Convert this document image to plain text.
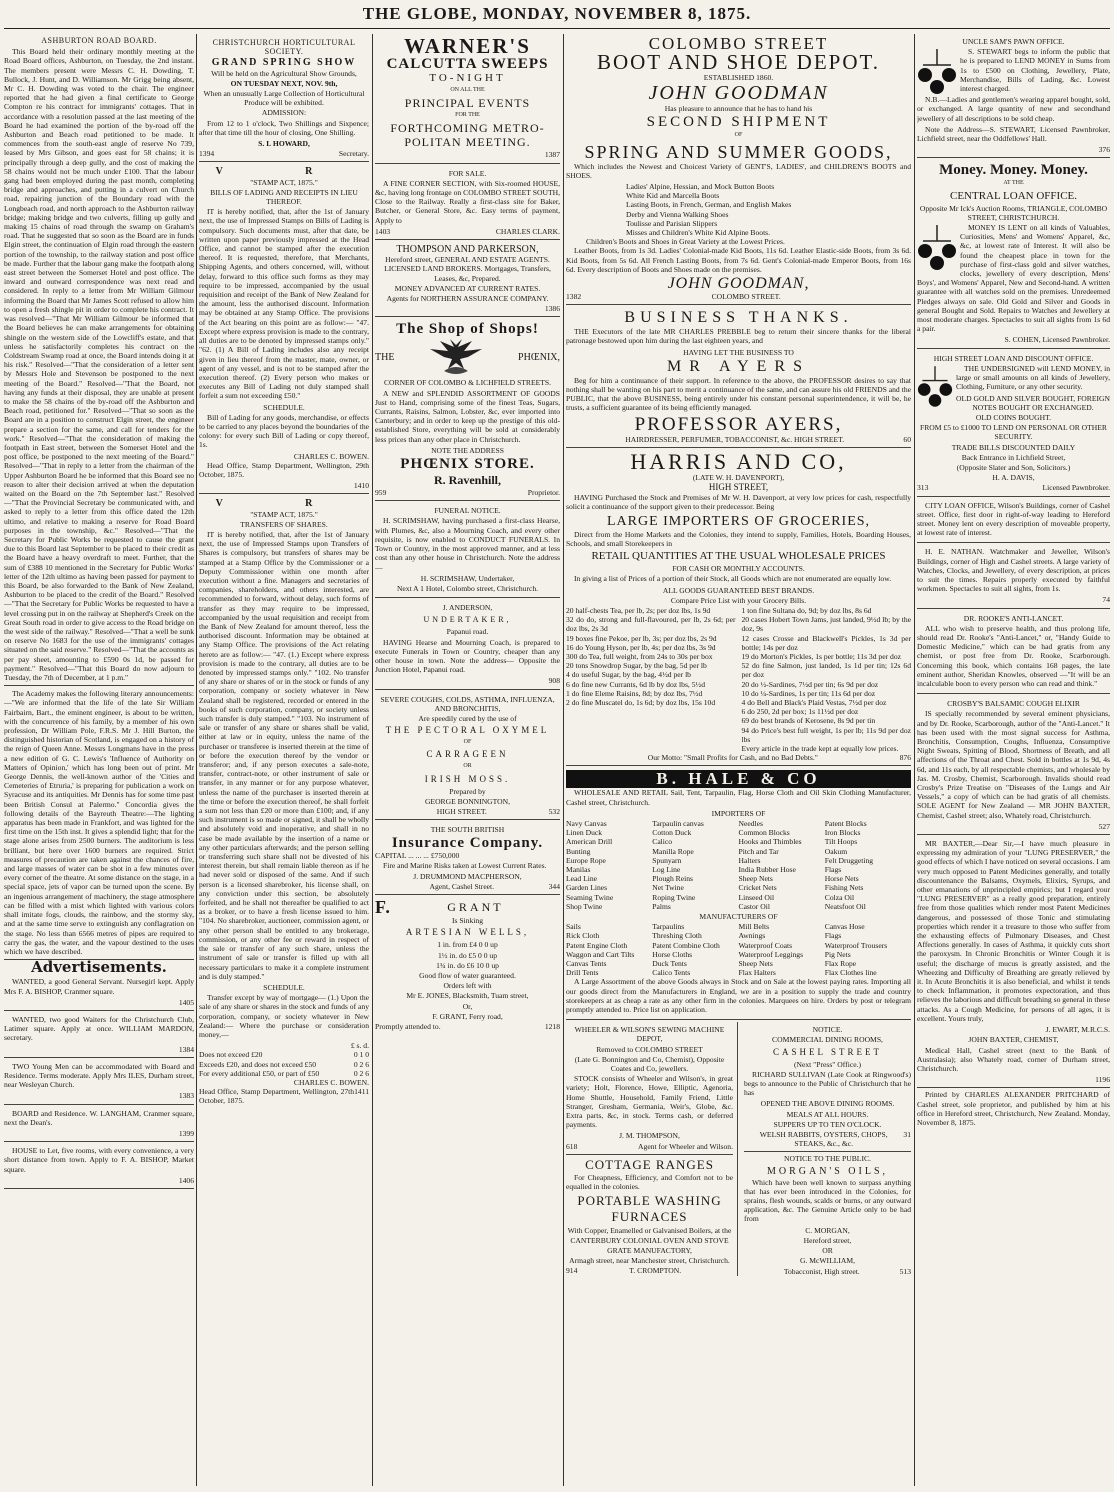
THE GLOBE, MONDAY, NOVEMBER 8, 1875.
ASHBURTON ROAD BOARD.

This Board held their ordinary monthly meeting at the Road Board offices, Ashburton, on Tuesday, the 2nd instant. The members present were Messrs C. H. Dowding, T. Bullock, J. Hunt, and D. Williamson. Mr Grigg being absent, Mr C. H. Dowding was voted to the chair. The engineer reported that he had given a final certificate to George Compton re his contract for immigrants' cottages. That in accordance with a resolution passed at the last meeting of the Board he had examined the portion of the by-road off the Ashburton and Beach road petitioned to be made. It commences from the south-east angle of reserve No 739, leased by Mrs Gibson, and goes east for 58 chains; it is principally through a deep gully, and the cost of making the 58 chains would not be much under £100. That the labour gang had been employed during the past month, completing bridge and approaches, and putting in a culvert on Church road, repairing junction of the Boundary road with the Longbeach road, and north approach to the Ashburton railway bridge; making bridge and two culverts, filling up gully and making 15 chains of road through the swamp on Graham's road. That he suggested that so soon as the Board are in funds Elgin street, the continuation of Elgin road through the eastern portion of the township, to the railway station and post office be made. Further that the labour gang make the footpath along east street between the Somerset Hotel and post office. The inward and outward correspondence was next read and considered. In reply to a letter from Mr William Gilmour informing the Board that Mr James Scott refused to allow him to open a fresh shingle pit in order to complete his contract. It was resolved—"That Mr William Gilmour be informed that the Board believes he can make arrangements for obtaining shingle on the western side of the Lowcliff's estate, and that unless he satisfactorily completes his contract on the Coldstream Swamp road at once, the Board intends doing it at his risk." Resolved—"That the consideration of a letter sent by Messrs Hole and Stevenson be postponed to the next meeting of the Board." Resolved—"That the Board, not having any funds at their disposal, they are unable at present to make the 58 chains of the by-road off the Ashburton and Beach road, petitioned for." Resolved—"That so soon as the Board are in a position to construct Elgin street, the engineer prepare a section for the same, and call for tenders for the work." Resolved—"That the consideration of making the footpath in East street, between the Somerset Hotel and the post office, be postponed to the next meeting of the Board." Resolved—"That in reply to a letter from the chairman of the Upper Ashburton Board he be informed that this Board see no reason to alter their decision arrived at when the deputation waited on the Board on the 7th September last." Resolved—"That the Provincial Secretary be communicated with, and asked to reply to a letter from this office dated the 12th ultimo, and relative to making a reserve for Road Board purposes in the township, &c." Resolved—"That the Secretary for Public Works be requested to cause the grant due to this Board last September to be placed to their credit as the Board have a heavy overdraft to meet. Further, that the sum of £388 10 mentioned in the Secretary for Public Works' letter of the 12th ultimo as having been passed for payment to this Board, be also forwarded to the Bank of New Zealand, Ashburton to be placed to the credit of the Board." Resolved—"That the Secretary for Public Works be requested to have a level crossing put in on the railway at Shepherd's Creek on the Great South road in order to give access to the Road bridge on the west side of the railway." Resolved—"That a well be sunk on reserve No 1683 for the use of the immigrants' cottages situated on the said reserve." Resolved—"That the accounts as per pay sheet, amounting to £590 0s 1d, be passed for payment." Resolved—"That this Board do now adjourn to Tuesday, the 7th of December, at 1 p.m."

The Academy makes the following literary announcements:—"We are informed that the life of the late Sir William Fairbairn, Bart., the eminent engineer, is about to be written, with the concurrence of his family, by a member of his own profession, Dr William Pole, F.R.S. Mr J. Hill Burton, the distinguished historian of Scotland, is engaged on a history of the reign of Queen Anne. Messrs Longmans have in the press a new edition of G. C. Lewis's 'Influence of Authority on Matters of Opinion,' which has long been out of print. Mr George Dennis, the well-known author of the 'Cities and Cemeteries of Etruria,' is preparing for publication a work on Syracuse and its antiquities. Mr Dennis has for some time past been British Consul at Palermo." Concordia gives the following details of the Bayreuth Theatre:—The lighting apparatus has been made in Frankfort, and was lighted for the first time on the 15th inst. It gives a splendid light; that for the stage alone arises from 2500 burners. The auditorium is less brilliant, but here over 1600 burners are required. Strict measures of precaution are taken against the chances of fire, and large masses of water can be shot in a few minutes over every corner of the theatre. At some distance on the stage, in a special space, jets of vapor can be turned upon the scene. By an ingenious arrangement of machinery, the stage atmosphere can be filled with a mist which lighted with various colors shall imitate fogs, clouds, the rainbow, and the stormy sky, and at the same time serve to extinguish any conflagration on the stage. No less than 6566 metres of pipes are required to carry the gas, the water, and the vapour destined to the uses which we have described.

Advertisements.

WANTED, a good General Servant. Nursegirl kept. Apply Mrs F. A. BISHOP, Cranmer square.

1405

WANTED, two good Waiters for the Christchurch Club, Latimer square. Apply at once. WILLIAM MARDON, secretary.

1384

TWO Young Men can be accommodated with Board and Residence. Terms moderate. Apply Mrs ILES, Durham street, near Wesleyan Church.

1383

BOARD and Residence. W. LANGHAM, Cranmer square, next the Dean's.

1399

HOUSE to Let, five rooms, with every convenience, a very short distance from town. Apply to F. A. BISHOP, Market square.

1406
CHRISTCHURCH HORTICULTURAL SOCIETY.
GRAND SPRING SHOW
Will be held on the Agricultural Show Grounds,
ON TUESDAY NEXT, NOV. 9th,
When an unusually Large Collection of Horticultural Produce will be exhibited.
ADMISSION:

From 12 to 1 o'clock, Two Shillings and Sixpence; after that time till the hour of closing, One Shilling.

S. I. HOWARD,
1394	Secretary.
V R
"STAMP ACT, 1875."
BILLS OF LADING AND RECEIPTS IN LIEU THEREOF.

IT is hereby notified, that, after the 1st of January next, the use of Impressed Stamps on Bills of Lading is compulsory. Such documents must, after that date, be written upon paper previously impressed at the Head Office, and cannot be stamped after the execution thereof. It is requested, therefore, that Merchants, Shipping Agents, and others concerned, will, without delay, forward to this office such forms as they may require to be impressed, accompanied by the usual requisition and receipt of the Bank of New Zealand for the amount, less the authorised discount. Information may be obtained at any Stamp Office. The provisions of the Act bearing on this point are as follow:— "47. Except where express provision is made to the contrary, all duties are to be denoted by impressed stamps only." "62. (1) A Bill of Lading includes also any receipt given in lieu thereof from the master, mate, owner, or agent of any vessel, and is not to be stamped after the execution thereof. (2) Every person who makes or executes any Bill of Lading not duly stamped shall forfeit a sum not exceeding £50."

SCHEDULE.

Bill of Lading for any goods, merchandise, or effects to be carried to any places beyond the boundaries of the colony: for every such Bill of Lading or copy thereof, 1s.

CHARLES C. BOWEN.

Head Office, Stamp Department, Wellington, 29th October, 1875.

1410
V R
"STAMP ACT, 1875."
TRANSFERS OF SHARES.

IT is hereby notified, that, after the 1st of January next, the use of Impressed Stamps upon Transfers of Shares is compulsory, but transfers of shares may be stamped at a Stamp Office by the Commissioner or a Deputy Commissioner within one month after execution without a fine. Managers and secretaries of companies, shareholders, and others interested, are recommended to forward, without delay, such forms of transfer as they may require to be impressed, accompanied by the usual requisition and receipt from the Bank of New Zealand for amount thereof, less the authorised discount. Information may be obtained at any Stamp Office. The provisions of the Act relating hereto are as follow:— "47. (1.) Except where express provision is made to the contrary, all duties are to be denoted by impressed stamps only." "102. No transfer of any share or shares of or in the stock or funds of any corporation, company or society whatever in New Zealand shall be registered, recorded or entered in the books of such corporation, company, or society unless such transfer is duly stamped." "103. No instrument of sale or transfer of any share or shares shall be valid, either at law or in equity, unless the name of the purchaser or transferee is inserted therein at the time of or before the execution thereof by the vendor or transferor; and, if any person executes a sale-note, transfer, contract-note, or other instrument of sale or transfer, in any manner or for any purpose whatever, unless the name of the purchaser is inserted therein at the time or before the execution thereof, he shall forfeit a sum not less than £20 or more than £100; and, if any such instrument is so made or signed, it shall be wholly and absolutely void and inoperative, and shall in no case be made available by the insertion of a name or any other particulars afterwards; and the person selling or transferring such share shall not be divested of his interest therein, but shall remain liable thereon as if he had never sold or disposed of the same. And if such person is a licensed sharebroker, his license shall, on any conviction under this section, be absolutely forfeited, and he shall not thereafter be qualified to act as a broker, or to have a fresh license issued to him. "104. No sharebroker, auctioneer, commission agent, or any other person shall be entitled to any brokerage, commission, or any other fee or reward in respect of the sale or transfer of any such share, unless the instrument of sale or transfer is filled up with all necessary particulars to make it a complete instrument and is duly stamped."

SCHEDULE.

Transfer except by way of mortgage— (1.) Upon the sale of any share or shares in the stock and funds of any corporation, company, or society whatever in New Zealand:— Where the purchase or consideration money,—

£ s. d.
Does not exceed £20	0 1 0
Exceeds £20, and does not exceed £50	0 2 6
For every additional £50, or part of £50	0 2 6
CHARLES C. BOWEN.
Head Office, Stamp Department, Wellington, 27th October, 1875.
1411
WARNER'S
CALCUTTA SWEEPS
TO-NIGHT
ON ALL THE
PRINCIPAL EVENTS
FOR THE
FORTHCOMING METRO-POLITAN MEETING.
1387
FOR SALE.

A FINE CORNER SECTION, with Six-roomed HOUSE, &c, having long frontage on COLOMBO STREET SOUTH, Close to the Railway. Really a first-class site for Baker, Butcher, or General Store, &c. Easy terms of payment, Apply to

1403	CHARLES CLARK.
THOMPSON AND PARKERSON,
Hereford street, GENERAL AND ESTATE AGENTS. LICENSED LAND BROKERS. Mortgages, Transfers, Leases, &c, Prepared.
MONEY ADVANCED AT CURRENT RATES.
Agents for NORTHERN ASSURANCE COMPANY.
1386
The Shop of Shops!
THE	PHŒNIX,
CORNER OF COLOMBO & LICHFIELD STREETS.

A NEW and SPLENDID ASSORTMENT OF GOODS Just to Hand, comprising some of the finest Teas, Sugars, Currants, Raisins, Salmon, Lobster, &c, ever imported into Canterbury; and in order to keep up the prestige of this old-established Store, everything will be sold at considerably less prices than any other place in Christchurch.

NOTE THE ADDRESS
PHŒNIX STORE.
R. Ravenhill,
959	Proprietor.
FUNERAL NOTICE.

H. SCRIMSHAW, having purchased a first-class Hearse, with Plumes, &c, also a Mourning Coach, and every other requisite, is now enabled to CONDUCT FUNERALS. In Town or Country, in the most approved manner, and at less cost than any other house in Christchurch. Note the address—

H. SCRIMSHAW, Undertaker,
Next A 1 Hotel, Colombo street, Christchurch.
J. ANDERSON,
UNDERTAKER,
Papanui road.

HAVING Hearse and Mourning Coach, is prepared to execute Funerals in Town or Country, cheaper than any other house in town. Note the address— Opposite the Junction Hotel, Papanui road.

908
SEVERE COUGHS, COLDS, ASTHMA, INFLUENZA, AND BRONCHITIS,
Are speedily cured by the use of
THE PECTORAL OXYMEL
OF
CARRAGEEN
OR
IRISH MOSS.
Prepared by
GEORGE BONNINGTON,
HIGH STREET.	532
THE SOUTH BRITISH
Insurance Company.
CAPITAL ... ... ... £750,000

Fire and Marine Risks taken at Lowest Current Rates.

J. DRUMMOND MACPHERSON,
Agent, Cashel Street.	344
F.	GRANT
Is Sinking
ARTESIAN WELLS,
1 in. from £4 0 0 up
1½ in. do £5 0 0 up
1¾ in. do £6 10 0 up
Good flow of water guaranteed.
Orders left with
Mr E. JONES, Blacksmith, Tuam street,
Or,
F. GRANT, Ferry road,
Promptly attended to.	1218
COLOMBO STREET
BOOT AND SHOE DEPOT.
ESTABLISHED 1860.
JOHN GOODMAN
Has pleasure to announce that he has to hand his
SECOND SHIPMENT
OF
SPRING AND SUMMER GOODS,

Which includes the Newest and Choicest Variety of GENT'S, LADIES', and CHILDREN'S BOOTS and SHOES.

Ladies' Alpine, Hessian, and Mock Button Boots
White Kid and Marcella Boots
Lasting Boots, in French, German, and English Makes
Derby and Vienna Walking Shoes
Toulisse and Parisian Slippers
Misses and Children's White Kid Alpine Boots.
Children's Boots and Shoes in Great Variety at the Lowest Prices.

Leather Boots, from 1s 3d. Ladies' Colonial-made Kid Boots, 11s 6d. Leather Elastic-side Boots, from 3s 6d. Kid Boots, from 5s 6d. All French Lasting Boots, from 7s 6d. Gent's Colonial-made Emperor Boots, from 16s 6d. Every description of Boots and Shoes made on the premises.

JOHN GOODMAN,
1382	COLOMBO STREET.
BUSINESS THANKS.

THE Executors of the late MR CHARLES PREBBLE beg to return their sincere thanks for the liberal patronage bestowed upon him during the last eighteen years, and

HAVING LET THE BUSINESS TO
MR AYERS

Beg for him a continuance of their support. In reference to the above, the PROFESSOR desires to say that nothing shall be wanting on his part to merit a continuance of the same, and can assure his old FRIENDS and the PUBLIC, that the above BUSINESS, being entirely under his constant personal superintendence, it will be, he trusts, a sufficient guarantee of its being efficiently managed.

PROFESSOR AYERS,
HAIRDRESSER, PERFUMER, TOBACCONIST, &c. HIGH STREET.	60
HARRIS AND CO,
(LATE W. H. DAVENPORT),
HIGH STREET,

HAVING Purchased the Stock and Premises of Mr W. H. Davenport, at very low prices for cash, respectfully solicit a continuance of the support given to their predecessor. Being

LARGE IMPORTERS OF GROCERIES,

Direct from the Home Markets and the Colonies, they intend to supply, Families, Hotels, Boarding Houses, Schools, and small Storekeepers in

RETAIL QUANTITIES AT THE USUAL WHOLESALE PRICES
FOR CASH OR MONTHLY ACCOUNTS.

In giving a list of Prices of a portion of their Stock, all Goods which are not enumerated are equally low.

ALL GOODS GUARANTEED BEST BRANDS.
Compare Price List with your Grocery Bills.
20 half-chests Tea, per lb, 2s; per doz lbs, 1s 9d
32 do do, strong and full-flavoured, per lb, 2s 6d; per doz lbs, 2s 3d
19 boxes fine Pekoe, per lb, 3s; per doz lbs, 2s 9d
16 do Young Hyson, per lb, 4s; per doz lbs, 3s 9d
300 do Tea, full weight, from 24s to 30s per box
20 tons Snowdrop Sugar, by the bag, 5d per lb
4 do useful Sugar, by the bag, 4½d per lb
6 do fine new Currants, 6d lb by doz lbs, 5½d
1 do fine Eleme Raisins, 8d; by doz lbs, 7½d
2 do fine Muscatel do, 1s 6d; by doz lbs, 15s 10d
1 ton fine Sultana do, 9d; by doz lbs, 8s 6d
20 cases Hobert Town Jams, just landed, 9½d lb; by the doz, 9s
12 cases Crosse and Blackwell's Pickles, 1s 3d per bottle; 14s per doz
19 do Morton's Pickles, 1s per bottle; 11s 3d per doz
52 do fine Salmon, just landed, 1s 1d per tin; 12s 6d per doz
20 do ½-Sardines, 7½d per tin; 6s 9d per doz
10 do ¼-Sardines, 1s per tin; 11s 6d per doz
4 do Bell and Black's Plaid Vestas, 7½d per doz
6 do 250, 2d per box; 1s 11½d per doz
69 do best brands of Kerosene, 8s 9d per tin
94 do Price's best full weight, 1s per lb; 11s 9d per doz lbs
Every article in the trade kept at equally low prices.
Our Motto: "Small Profits for Cash, and no Bad Debts."	876
B. HALE & CO

WHOLESALE AND RETAIL Sail, Tent, Tarpaulin, Flag, Horse Cloth and Oil Skin Clothing Manufacturer, Cashel street, Christchurch.

IMPORTERS OF
Navy Canvas
Linen Duck
American Drill
Bunting
Europe Rope
Manilas
Lead Line
Garden Lines
Seaming Twine
Shop Twine
Tarpaulin canvas
Cotton Duck
Calico
Manilla Rope
Spunyarn
Log Line
Plough Reins
Net Twine
Roping Twine
Palms
Needles
Common Blocks
Hooks and Thimbles
Pitch and Tar
Halters
India Rubber Hose
Sheep Nets
Cricket Nets
Linseed Oil
Castor Oil
Patent Blocks
Iron Blocks
Tilt Hoops
Oakum
Felt Druggeting
Flags
Horse Nets
Fishing Nets
Colza Oil
Neatsfoot Oil
MANUFACTURERS OF
Sails
Rick Cloth
Patent Engine Cloth
Waggon and Cart Tilts
Canvas Tents
Drill Tents
Tarpaulins
Threshing Cloth
Patent Combine Cloth
Horse Cloths
Duck Tents
Calico Tents
Mill Belts
Awnings
Waterproof Coats
Waterproof Leggings
Sheep Nets
Flax Halters
Canvas Hose
Flags
Waterproof Trousers
Pig Nets
Flax Rope
Flax Clothes line

A Large Assortment of the above Goods always in Stock and on Sale at the lowest paying rates. Importing all our goods direct from the Manufacturers in England, we are in a position to supply the trade and country storekeepers at as cheap a rate as any other firm in the colonies. Marquees on hire. Orders by post or telegram promptly attended to. Price list on application.

WHEELER & WILSON'S SEWING MACHINE DEPOT,
Removed to COLOMBO STREET
(Late G. Bonnington and Co, Chemist), Opposite Coates and Co, jewellers.

STOCK consists of Wheeler and Wilson's, in great variety; Holt, Florence, Howe, Elliptic, Agenoria, Home Shuttle, Household, Family Friend, Little Stranger, Gresham, Germania, Weir's, Globe, &c. Extra parts, &c, in stock. Terms cash, or deferred payments.

J. M. THOMPSON,
618	Agent for Wheeler and Wilson.
COTTAGE RANGES

For Cheapness, Efficiency, and Comfort not to be equalled in the colonies.

PORTABLE WASHING FURNACES
With Copper, Enamelled or Galvanised Boilers, at the
CANTERBURY COLONIAL OVEN AND STOVE GRATE MANUFACTORY,
Armagh street, near Manchester street, Christchurch.
914	T. CROMPTON.
NOTICE.
COMMERCIAL DINING ROOMS,
CASHEL STREET
(Next "Press" Office.)

RICHARD SULLIVAN (Late Cook at Ringwood's) begs to announce to the Public of Christchurch that he has

OPENED THE ABOVE DINING ROOMS.
MEALS AT ALL HOURS.
SUPPERS UP TO TEN O'CLOCK.
WELSH RABBITS, OYSTERS, CHOPS, STEAKS, &c., &c.
31
NOTICE TO THE PUBLIC.
MORGAN'S OILS,

Which have been well known to surpass anything that has ever been introduced in the Colonies, for sprains, flesh wounds, scalds or burns, or any outward application, &c. The Genuine Article only to be had from

C. MORGAN,
Hereford street,
OR
G. McWILLIAM,
Tobacconist, High street.	513
UNCLE SAM'S PAWN OFFICE.

S. STEWART begs to inform the public that he is prepared to LEND MONEY in Sums from 1s to £500 on Clothing, Jewellery, Plate, Merchandise, Bills of Lading, &c. Lowest interest charged.

N.B.—Ladies and gentlemen's wearing apparel bought, sold, or exchanged. A large quantity of new and secondhand jewellery of all descriptions to be sold cheap.

Note the Address—S. STEWART, Licensed Pawnbroker, Lichfield street, near the Oddfellows' Hall.

376
Money. Money. Money.
AT THE
CENTRAL LOAN OFFICE.
Opposite Mr Ick's Auction Rooms, TRIANGLE, COLOMBO STREET, CHRISTCHURCH.

MONEY IS LENT on all kinds of Valuables, Curiosities, Mens' and Womens' Apparel, &c, &c, at lowest rate of Interest. It will also be found the cheapest place in town for the purchase of first-class gold and silver watches, clocks, jewellery of every description, Mens' Boys', and Womens' Apparel, New and Second-hand. A written guarantee with all watches sold on the premises. Unredeemed Pledges always on sale. Old Gold and Silver and Goods in general Bought and Sold. Repairs to Watches and Jewellery at most moderate charges. Spectacles to suit all sights from 1s 6d a pair.

S. COHEN, Licensed Pawnbroker.
HIGH STREET LOAN AND DISCOUNT OFFICE.

THE UNDERSIGNED will LEND MONEY, in large or small amounts on all kinds of Jewellery, Clothing, Furniture, or any other security.

OLD GOLD AND SILVER BOUGHT, FOREIGN NOTES BOUGHT OR EXCHANGED.
OLD COINS BOUGHT.
FROM £5 to £1000 TO LEND ON PERSONAL OR OTHER SECURITY.
TRADE BILLS DISCOUNTED DAILY
Back Entrance in Lichfield Street,
(Opposite Slater and Son, Solicitors.)
H. A. DAVIS,
313	Licensed Pawnbroker.

CITY LOAN OFFICE, Wilson's Buildings, corner of Cashel street. Office, first door in right-of-way leading to Hereford street. Money lent on every description of moveable property, at lowest rate of interest.

H. E. NATHAN. Watchmaker and Jeweller, Wilson's Buildings, corner of High and Cashel streets. A large variety of Watches, Clocks, and Jewellery, of every description, at prices to suit the times. Repairs properly executed by faithful workmen. Spectacles to suit all sights, from 1s.

74
DR. ROOKE'S ANTI-LANCET.

ALL who wish to preserve health, and thus prolong life, should read Dr. Rooke's "Anti-Lancet," or, "Handy Guide to Domestic Medicine," which can be had gratis from any chemist, or post free from Dr. Rooke, Scarborough. Concerning this book, which contains 168 pages, the late eminent author, Sheridan Knowles, observed —"It will be an incalculable boon to every person who can read and think."

CROSBY'S BALSAMIC COUGH ELIXIR

IS specially recommended by several eminent physicians, and by Dr. Rooke, Scarborough, author of the "Anti-Lancet." It has been used with the most signal success for Asthma, Bronchitis, Consumption, Coughs, Influenza, Consumptive Night Sweats, Spitting of Blood, Shortness of Breath, and all affections of the Throat and Chest. Sold in bottles at 1s 9d, 4s 6d, and 11s each, by all respectable chemists, and wholesale by Jas. M. Crosby, Chemist, Scarborough. Invalids should read Crosby's Prize Treatise on "Diseases of the Lungs and Air Vessels," a copy of which can be had gratis of all chemists. SOLE AGENT for New Zealand — MR JOHN BAXTER, Chemist, Cashel street; also, Whately road, Christchurch.

527

MR BAXTER,—Dear Sir,—I have much pleasure in expressing my admiration of your "LUNG PRESERVER," the good effects of which I have noticed on several occasions. I am very much opposed to Patent Medicines generally, and totally discountenance the Balsams, Oxymels, Elixirs, Syrups, and other emanations of unprincipled empirics; but I regard your "LUNG PRESERVER" as a really good preparation, entirely free from those qualities which render most Patent Medicines dangerous, and possessed of those Tonic and stimulating properties which render it a treasure to those who suffer from the exhausting effects of Pulmonary Diseases, and Chest Affections generally. In cases of Asthma, it quickly cuts short the paroxysm. In Chronic Bronchitis or Winter Cough it is useful; the discharge of mucus is greatly assisted, and the Wheezing and Difficulty of Breathing are greatly relieved by it. In Acute Bronchitis it is also beneficial, and whilst it tends to check Inflammation, it promotes expectoration, and thus relieves the laborious and difficult breathing so general in these attacks. As a Cough Medicine, for persons of all ages, it is excellent. Yours truly,

J. EWART, M.R.C.S.
JOHN BAXTER, CHEMIST,

Medical Hall, Cashel street (next to the Bank of Australasia); also Whately road, corner of Durham street, Christchurch.

1196

Printed by CHARLES ALEXANDER PRITCHARD of Cashel street, sole proprietor, and published by him at his office in Hereford street, Christchurch, New Zealand. Monday, November 8, 1875.
